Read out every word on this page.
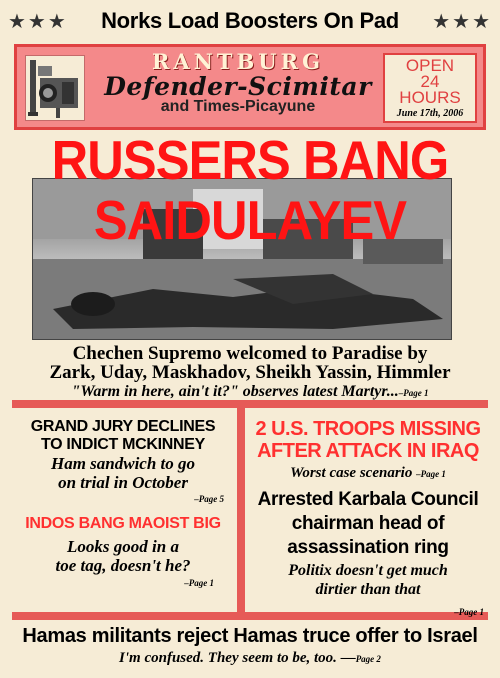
★★★	Norks Load Boosters On Pad	★★★
RANTBURG
Defender-Scimitar
and Times-Picayune
OPEN
24
HOURS
June 17th, 2006
RUSSERS BANG
SAIDULAYEV
Chechen Supremo welcomed to Paradise by
Zark, Uday, Maskhadov, Sheikh Yassin, Himmler
"Warm in here, ain't it?" observes latest Martyr...–Page 1
GRAND JURY DECLINES
TO INDICT MCKINNEY
Ham sandwich to go
on trial in October
–Page 5
INDOS BANG MAOIST BIG
Looks good in a
toe tag, doesn't he?
–Page 1
2 U.S. TROOPS MISSING
AFTER ATTACK IN IRAQ
Worst case scenario –Page 1
Arrested Karbala Council
chairman head of
assassination ring
Politix doesn't get much
dirtier than that
–Page 1
Hamas militants reject Hamas truce offer to Israel
I'm confused. They seem to be, too. —Page 2
